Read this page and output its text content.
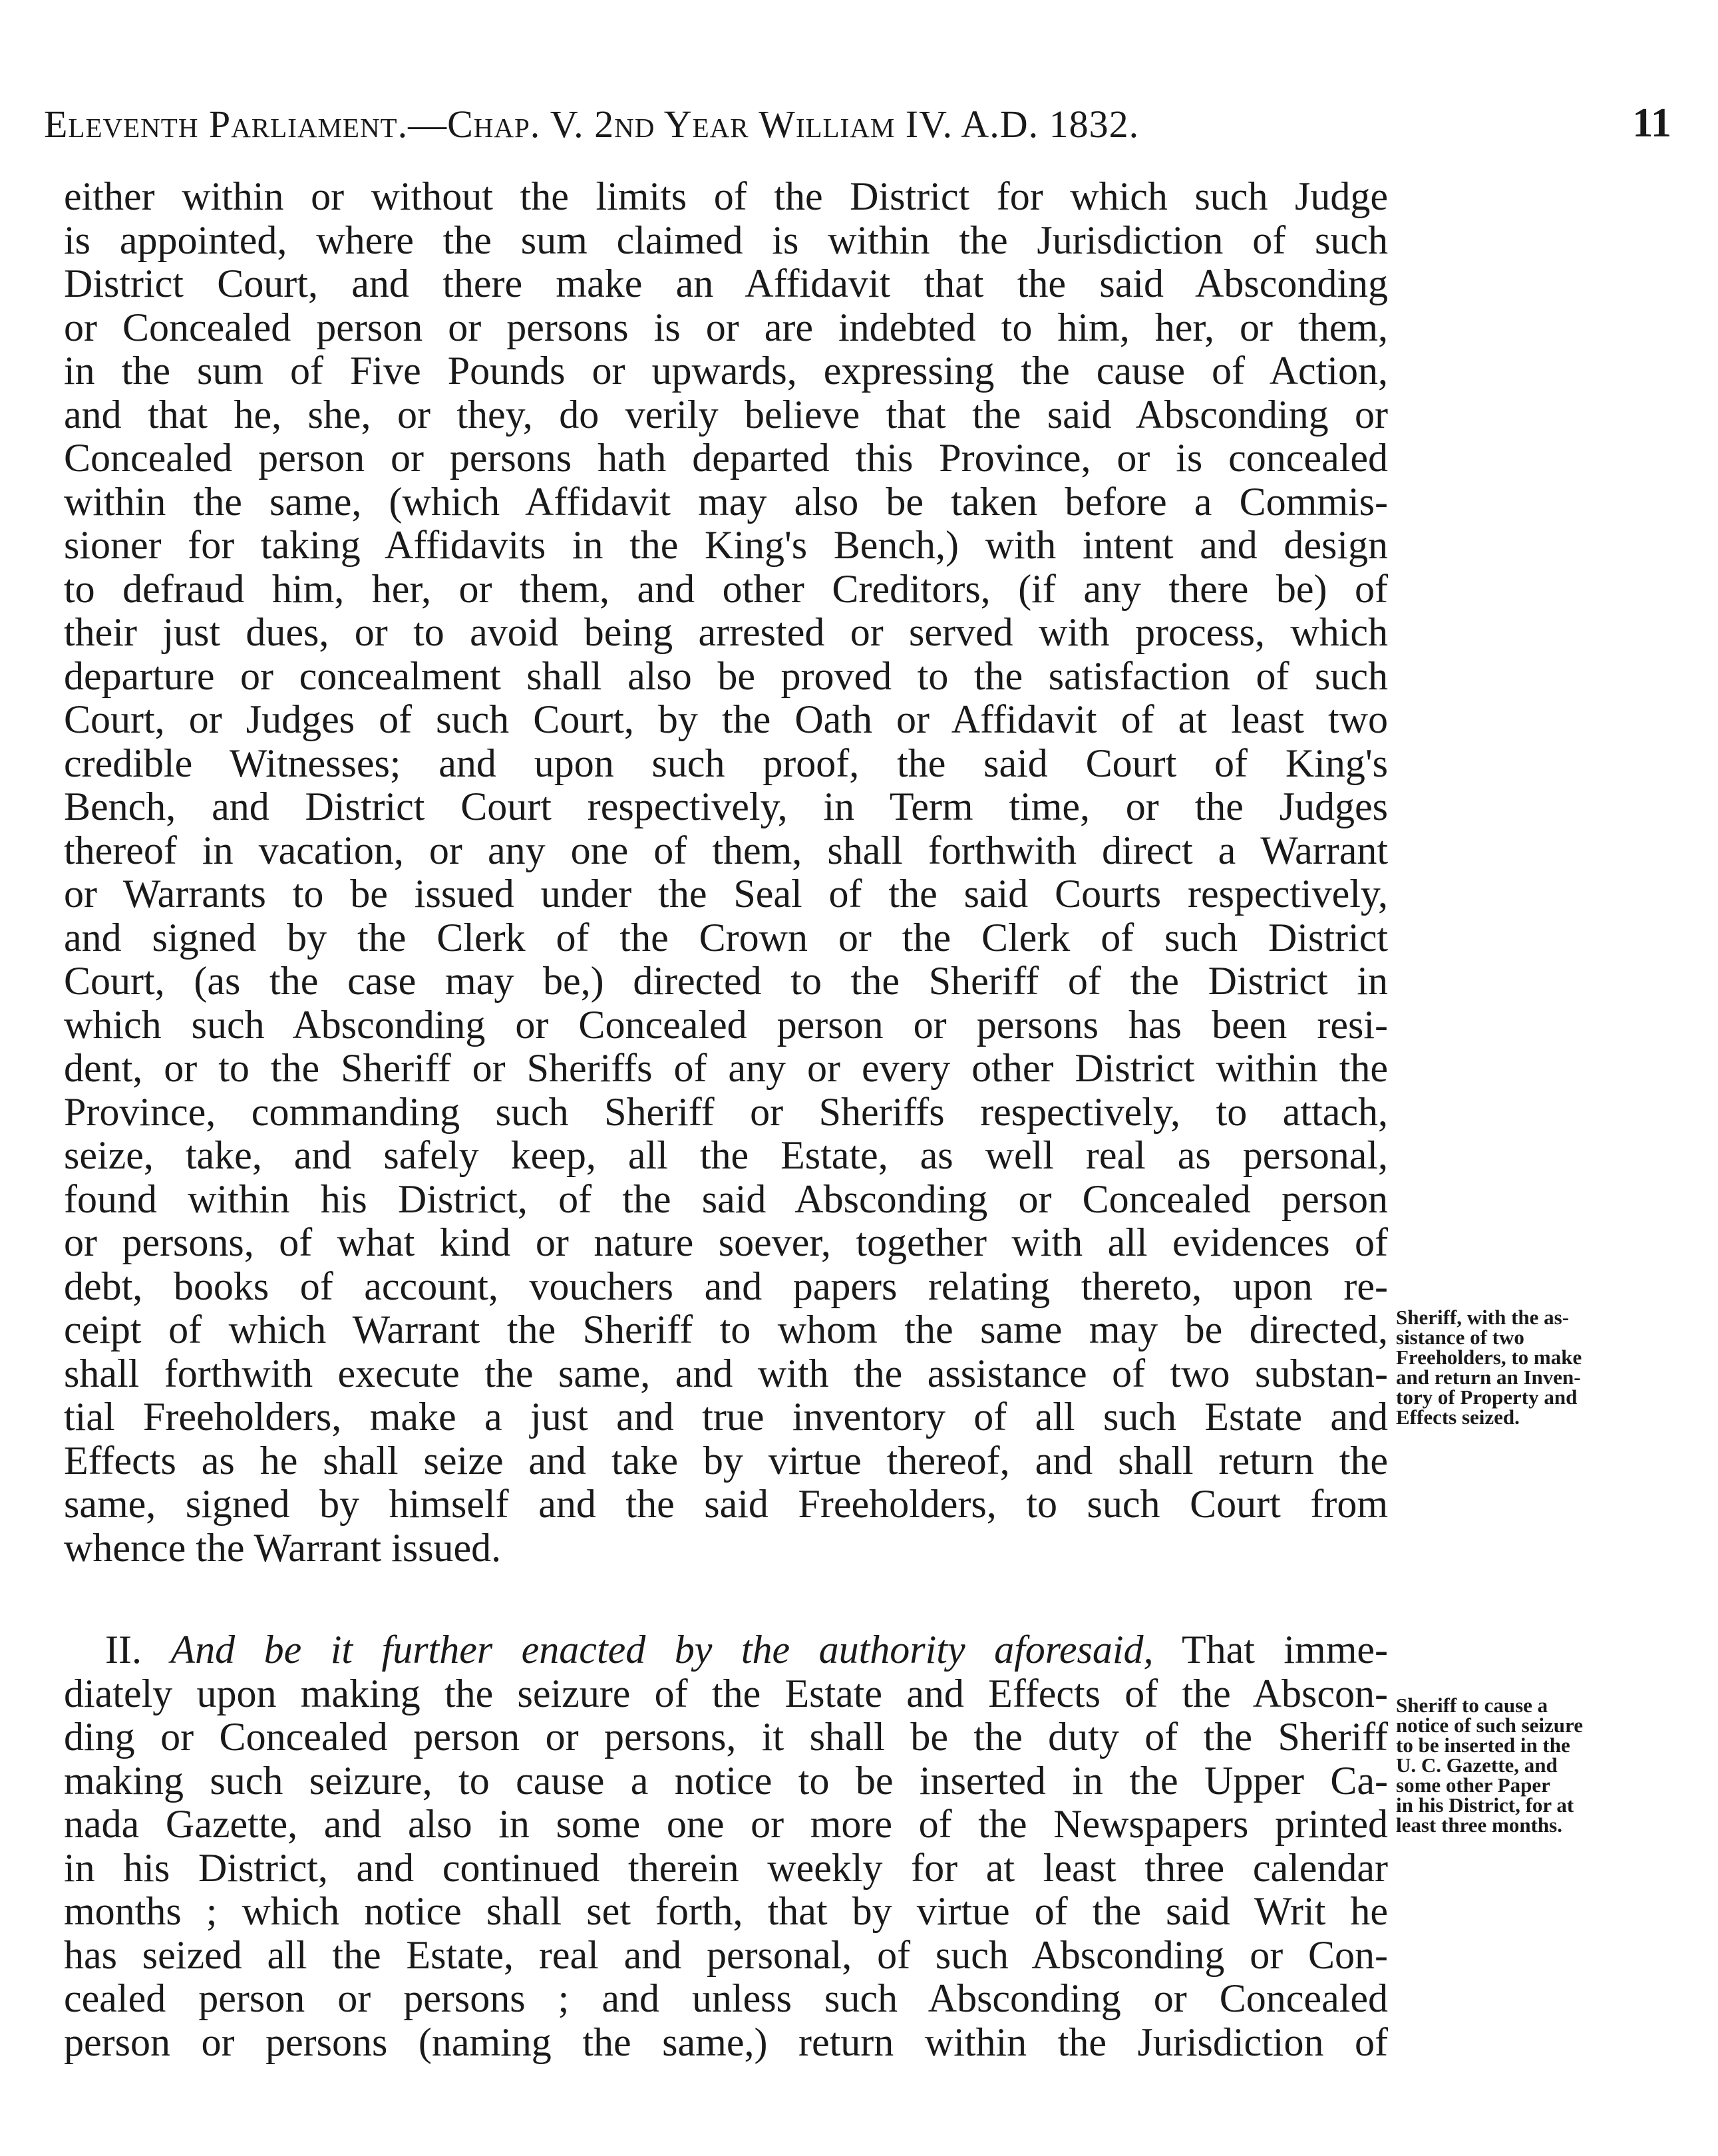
Eleventh Parliament.—Chap. V. 2nd Year William IV. A.D. 1832.	11
either within or without the limits of the District for which such Judge
is appointed, where the sum claimed is within the Jurisdiction of such
District Court, and there make an Affidavit that the said Absconding
or Concealed person or persons is or are indebted to him, her, or them,
in the sum of Five Pounds or upwards, expressing the cause of Action,
and that he, she, or they, do verily believe that the said Absconding or
Concealed person or persons hath departed this Province, or is concealed
within the same, (which Affidavit may also be taken before a Commis-
sioner for taking Affidavits in the King's Bench,) with intent and design
to defraud him, her, or them, and other Creditors, (if any there be) of
their just dues, or to avoid being arrested or served with process, which
departure or concealment shall also be proved to the satisfaction of such
Court, or Judges of such Court, by the Oath or Affidavit of at least two
credible Witnesses; and upon such proof, the said Court of King's
Bench, and District Court respectively, in Term time, or the Judges
thereof in vacation, or any one of them, shall forthwith direct a Warrant
or Warrants to be issued under the Seal of the said Courts respectively,
and signed by the Clerk of the Crown or the Clerk of such District
Court, (as the case may be,) directed to the Sheriff of the District in
which such Absconding or Concealed person or persons has been resi-
dent, or to the Sheriff or Sheriffs of any or every other District within the
Province, commanding such Sheriff or Sheriffs respectively, to attach,
seize, take, and safely keep, all the Estate, as well real as personal,
found within his District, of the said Absconding or Concealed person
or persons, of what kind or nature soever, together with all evidences of
debt, books of account, vouchers and papers relating thereto, upon re-
ceipt of which Warrant the Sheriff to whom the same may be directed,
shall forthwith execute the same, and with the assistance of two substan-
tial Freeholders, make a just and true inventory of all such Estate and
Effects as he shall seize and take by virtue thereof, and shall return the
same, signed by himself and the said Freeholders, to such Court from
whence the Warrant issued.
Sheriff, with the as-
sistance of two
Freeholders, to make
and return an Inven-
tory of Property and
Effects seized.
II. And be it further enacted by the authority aforesaid, That imme-
diately upon making the seizure of the Estate and Effects of the Abscon-
ding or Concealed person or persons, it shall be the duty of the Sheriff
making such seizure, to cause a notice to be inserted in the Upper Ca-
nada Gazette, and also in some one or more of the Newspapers printed
in his District, and continued therein weekly for at least three calendar
months ; which notice shall set forth, that by virtue of the said Writ he
has seized all the Estate, real and personal, of such Absconding or Con-
cealed person or persons ; and unless such Absconding or Concealed
person or persons (naming the same,) return within the Jurisdiction of
Sheriff to cause a
notice of such seizure
to be inserted in the
U. C. Gazette, and
some other Paper
in his District, for at
least three months.
